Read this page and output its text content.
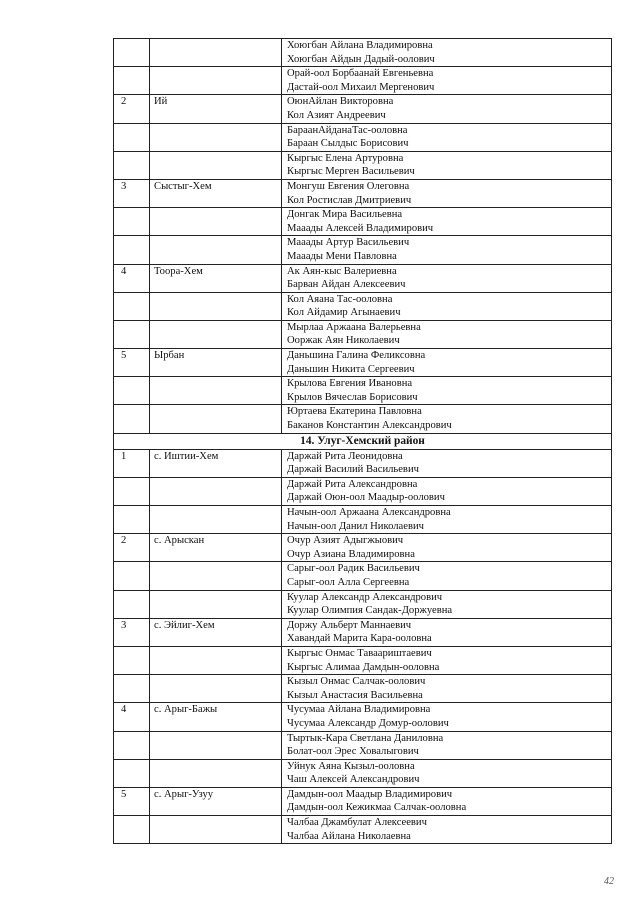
		Хоюгбан Айлана Владимировна
Хоюгбан Айдын Дадый-оолович

		Орай-оол Борбаанай Евгеньевна
Дастай-оол Михаил Мергенович

2	Ий	ОюнАйлан Викторовна
Кол Азият Андреевич

		БараанАйданаТас-ооловна
Бараан Сылдыс Борисович

		Кыргыс Елена Артуровна
Кыргыс Мерген Васильевич

3	Сыстыг-Хем	Монгуш Евгения Олеговна
Кол Ростислав Дмитриевич

		Донгак Мира Васильевна
Мааады Алексей Владимирович

		Мааады Артур Васильевич
Мааады Мени Павловна

4	Тоора-Хем	Ак Аян-кыс Валериевна
Барван Айдан Алексеевич

		Кол Аяана Тас-ооловна
Кол Айдамир Агынаевич

		Мырлаа Аржаана Валерьевна
Ооржак Аян Николаевич

5	Ырбан	Даньшина Галина Феликсовна
Даньшин Никита Сергеевич

		Крылова Евгения Ивановна
Крылов Вячеслав Борисович

		Юртаева Екатерина Павловна
Баканов Константин Александрович

14. Улуг-Хемский район		
1	с. Иштии-Хем	Даржай Рита Леонидовна
Даржай Василий Васильевич

		Даржай Рита Александровна
Даржай Оюн-оол Маадыр-оолович

		Начын-оол Аржаана Александровна
Начын-оол Данил Николаевич

2	с. Арыскан	Очур Азият Адыгжыович
Очур Азиана Владимировна

		Сарыг-оол Радик Васильевич
Сарыг-оол Алла Сергеевна

		Куулар Александр Александрович
Куулар Олимпия Сандак-Доржуевна

3	с. Эйлиг-Хем	Доржу Альберт Маннаевич
Хавандай Марита Кара-ооловна

		Кыргыс Онмас Таваариштаевич
Кыргыс Алимаа Дамдын-ооловна

		Кызыл Онмас Салчак-оолович
Кызыл Анастасия Васильевна

4	с. Арыг-Бажы	Чусумаа Айлана Владимировна
Чусумаа Александр Домур-оолович

		Тыртык-Кара Светлана Даниловна
Болат-оол Эрес Ховалыгович

		Уйнук Аяна Кызыл-ооловна
Чаш Алексей Александрович

5	с. Арыг-Узуу	Дамдын-оол Маадыр Владимирович
Дамдын-оол Кежикмаа Салчак-ооловна

		Чалбаа Джамбулат Алексеевич
Чалбаа Айлана Николаевна
42
